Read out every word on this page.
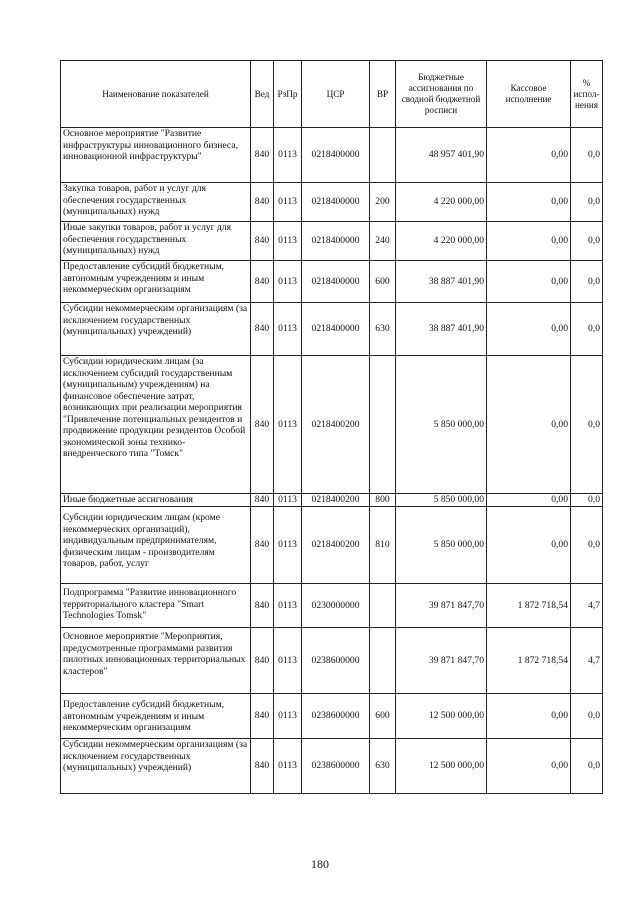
Наименование показателей	Вед	РзПр	ЦСР	ВР	Бюджетные ассигнования по сводной бюджетной росписи	Кассовое исполнение	% испол-нения
Основное мероприятие "Развитие инфраструктуры инновационного бизнеса, инновационной инфраструктуры"	840	0113	0218400000		48 957 401,90	0,00	0,0
Закупка товаров, работ и услуг для обеспечения государственных (муниципальных) нужд	840	0113	0218400000	200	4 220 000,00	0,00	0,0
Иные закупки товаров, работ и услуг для обеспечения государственных (муниципальных) нужд	840	0113	0218400000	240	4 220 000,00	0,00	0,0
Предоставление субсидий бюджетным, автономным учреждениям и иным некоммерческим организациям	840	0113	0218400000	600	38 887 401,90	0,00	0,0
Субсидии некоммерческим организациям (за исключением государственных (муниципальных) учреждений)	840	0113	0218400000	630	38 887 401,90	0,00	0,0
Субсидии юридическим лицам (за исключением субсидий государственным (муниципальным) учреждениям) на финансовое обеспечение затрат, возникающих при реализации мероприятия "Привлечение потенциальных резидентов и продвижение продукции резидентов Особой экономической зоны технико-внедренческого типа "Томск"	840	0113	0218400200		5 850 000,00	0,00	0,0
Иные бюджетные ассигнования	840	0113	0218400200	800	5 850 000,00	0,00	0,0
Субсидии юридическим лицам (кроме некоммерческих организаций), индивидуальным предпринимателям, физическим лицам - производителям товаров, работ, услуг	840	0113	0218400200	810	5 850 000,00	0,00	0,0
Подпрограмма "Развитие инновационного территориального кластера "Smart Technologies Tomsk"	840	0113	0230000000		39 871 847,70	1 872 718,54	4,7
Основное мероприятие "Мероприятия, предусмотренные программами развития пилотных инновационных территориальных кластеров"	840	0113	0238600000		39 871 847,70	1 872 718,54	4,7
Предоставление субсидий бюджетным, автономным учреждениям и иным некоммерческим организациям	840	0113	0238600000	600	12 500 000,00	0,00	0,0
Субсидии некоммерческим организациям (за исключением государственных (муниципальных) учреждений)	840	0113	0238600000	630	12 500 000,00	0,00	0,0
180
